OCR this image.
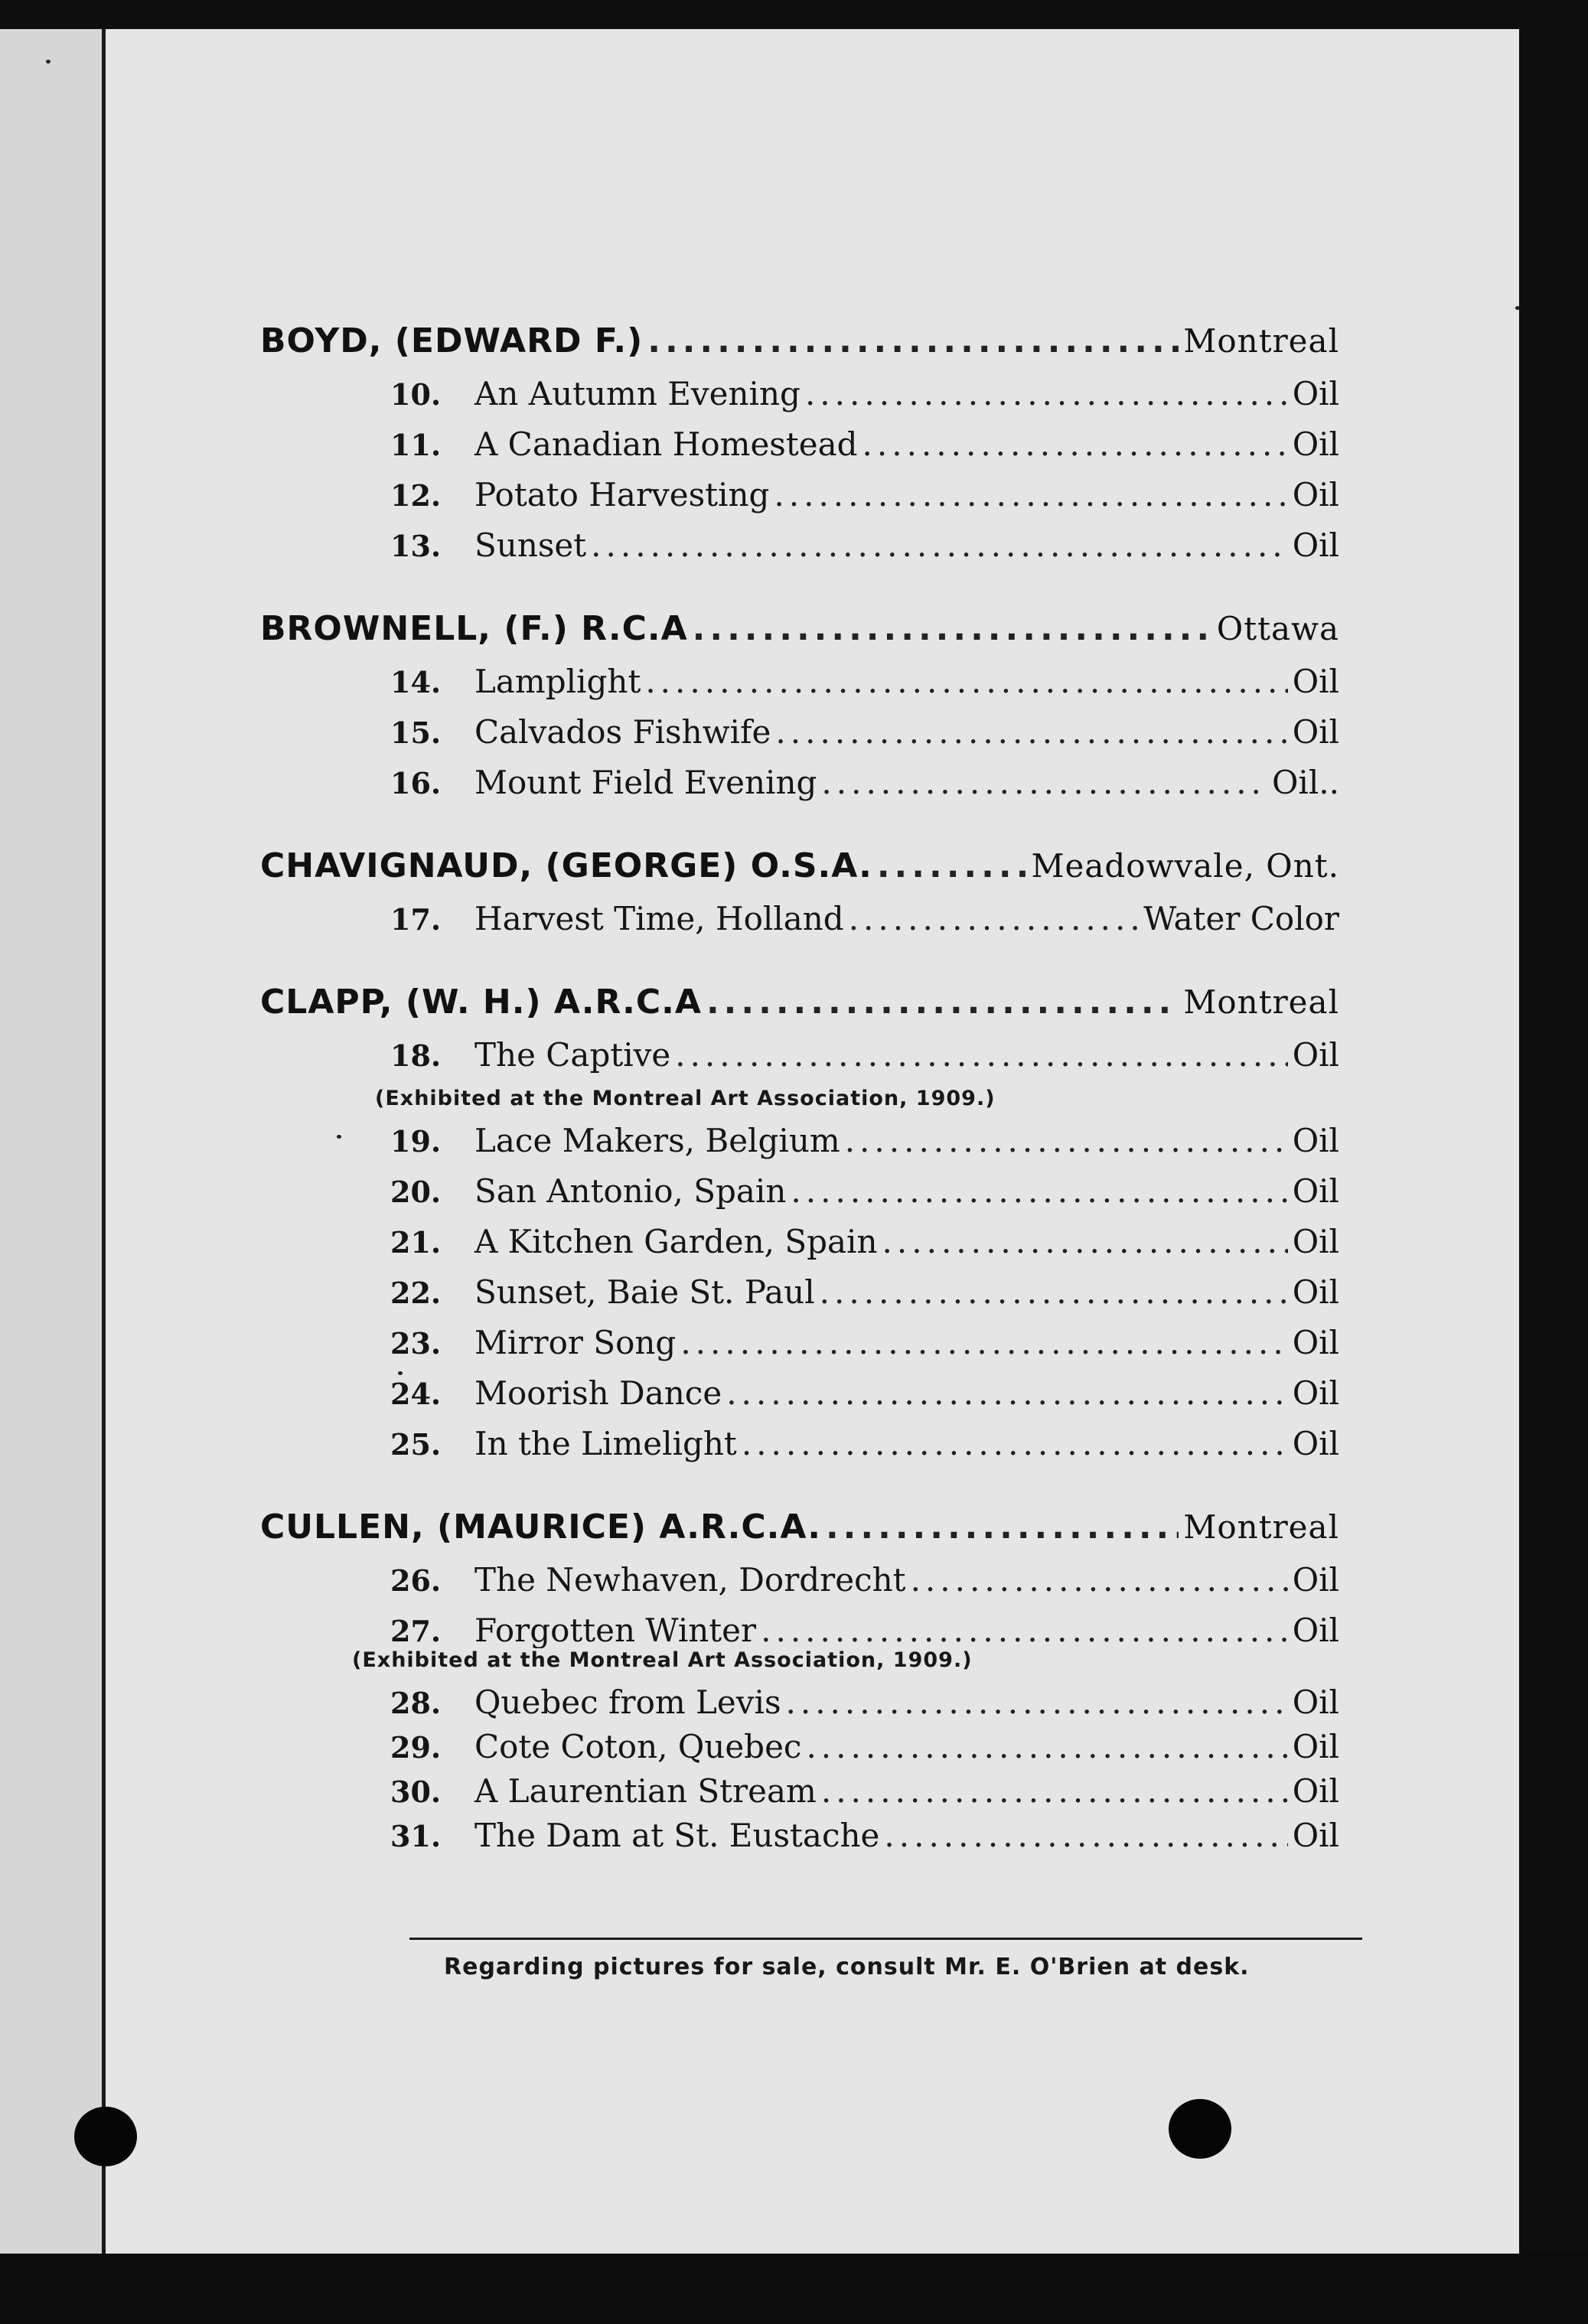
BOYD, (EDWARD F.) .....	Montreal
10.	An Autumn Evening .....	Oil
11.	A Canadian Homestead .....	Oil
12.	Potato Harvesting .....	Oil
13.	Sunset .....	Oil
BROWNELL, (F.) R.C.A .....	Ottawa
14.	Lamplight .....	Oil
15.	Calvados Fishwife .....	Oil
16.	Mount Field Evening .....	Oil..
CHAVIGNAUD, (GEORGE) O.S.A. .....	Meadowvale, Ont.
17.	Harvest Time, Holland .....	Water Color
CLAPP, (W. H.) A.R.C.A .....	Montreal
18.	The Captive .....	Oil
(Exhibited at the Montreal Art Association, 1909.)
19.	Lace Makers, Belgium .....	Oil
20.	San Antonio, Spain .....	Oil
21.	A Kitchen Garden, Spain .....	Oil
22.	Sunset, Baie St. Paul .....	Oil
23.	Mirror Song .....	Oil
24.	Moorish Dance .....	Oil
25.	In the Limelight .....	Oil
CULLEN, (MAURICE) A.R.C.A. .....	Montreal
26.	The Newhaven, Dordrecht .....	Oil
27.	Forgotten Winter .....	Oil
(Exhibited at the Montreal Art Association, 1909.)
28.	Quebec from Levis .....	Oil
29.	Cote Coton, Quebec .....	Oil
30.	A Laurentian Stream .....	Oil
31.	The Dam at St. Eustache .....	Oil
Regarding pictures for sale, consult Mr. E. O'Brien at desk.
